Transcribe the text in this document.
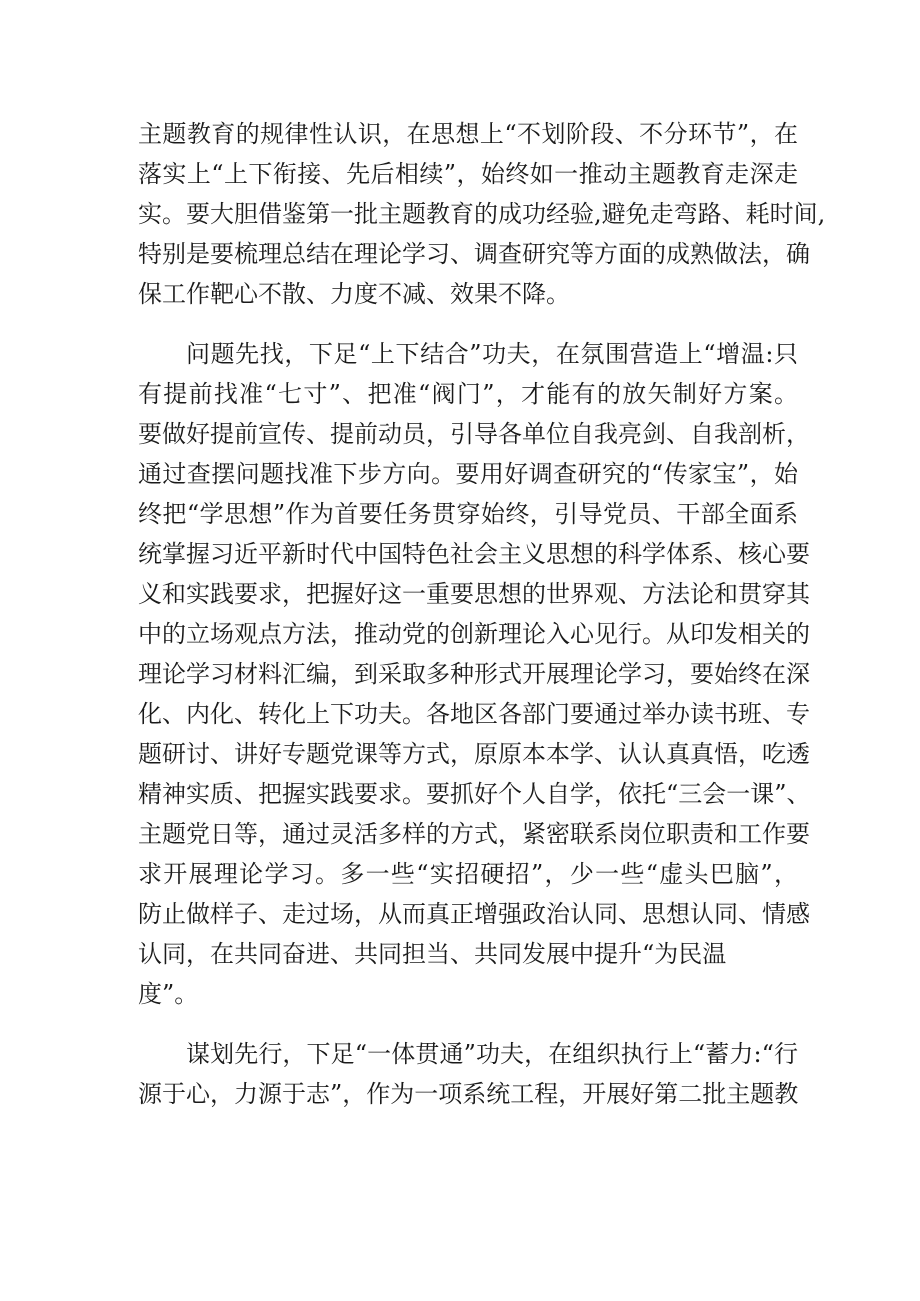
主题教育的规律性认识，在思想上“不划阶段、不分环节”，在
落实上“上下衔接、先后相续”，始终如一推动主题教育走深走
实。要大胆借鉴第一批主题教育的成功经验,避免走弯路、耗时间,
特别是要梳理总结在理论学习、调查研究等方面的成熟做法，确
保工作靶心不散、力度不减、效果不降。
问题先找，下足“上下结合”功夫，在氛围营造上“增温:只
有提前找准“七寸”、把准“阀门”，才能有的放矢制好方案。
要做好提前宣传、提前动员，引导各单位自我亮剑、自我剖析，
通过查摆问题找准下步方向。要用好调查研究的“传家宝”，始
终把“学思想”作为首要任务贯穿始终，引导党员、干部全面系
统掌握习近平新时代中国特色社会主义思想的科学体系、核心要
义和实践要求，把握好这一重要思想的世界观、方法论和贯穿其
中的立场观点方法，推动党的创新理论入心见行。从印发相关的
理论学习材料汇编，到采取多种形式开展理论学习，要始终在深
化、内化、转化上下功夫。各地区各部门要通过举办读书班、专
题研讨、讲好专题党课等方式，原原本本学、认认真真悟，吃透
精神实质、把握实践要求。要抓好个人自学，依托“三会一课”、
主题党日等，通过灵活多样的方式，紧密联系岗位职责和工作要
求开展理论学习。多一些“实招硬招”，少一些“虚头巴脑”，
防止做样子、走过场，从而真正增强政治认同、思想认同、情感
认同，在共同奋进、共同担当、共同发展中提升“为民温
度”。
谋划先行，下足“一体贯通”功夫，在组织执行上“蓄力:“行
源于心，力源于志”，作为一项系统工程，开展好第二批主题教
